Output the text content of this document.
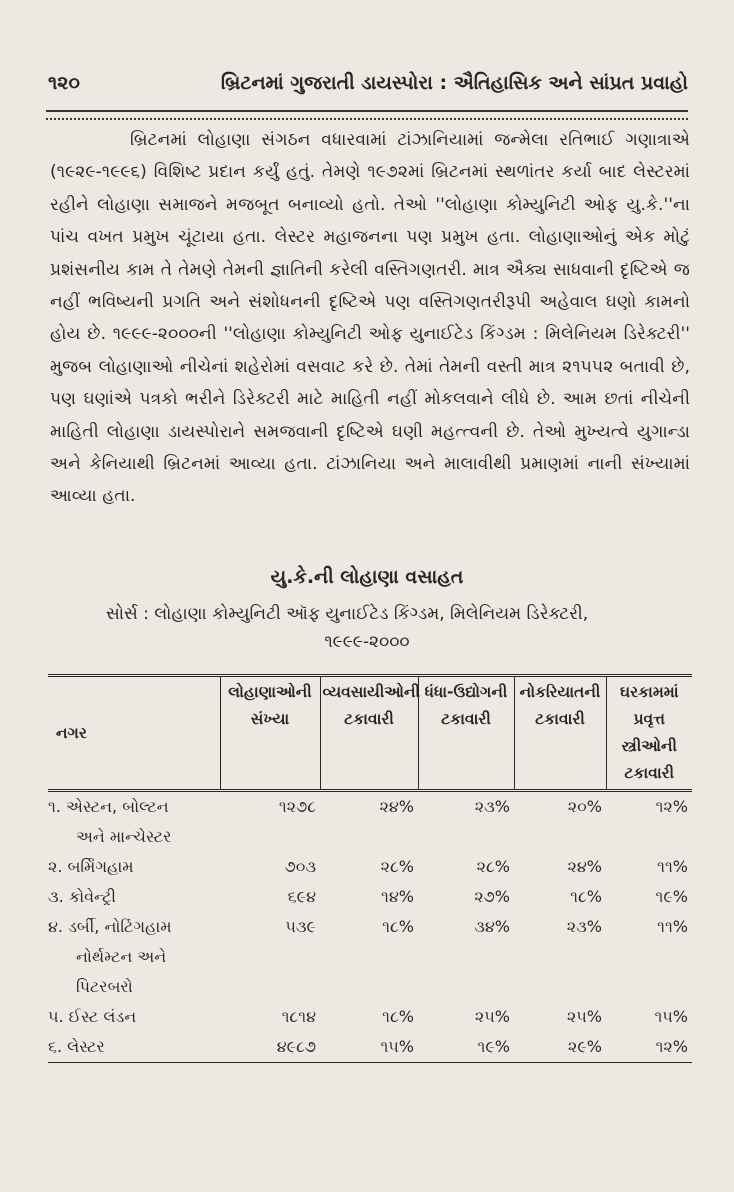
૧૨૦	બ્રિટનમાં ગુજરાતી ડાયસ્પોરા : ઐતિહાસિક અને સાંપ્રત પ્રવાહો

બ્રિટનમાં લોહાણા સંગઠન વધારવામાં ટાંઝાનિયામાં જન્મેલા રતિભાઈ ગણાત્રાએ (૧૯૨૯-૧૯૯૬) વિશિષ્ટ પ્રદાન કર્યું હતું. તેમણે ૧૯૭૨માં બ્રિટનમાં સ્થળાંતર કર્યા બાદ લેસ્ટરમાં રહીને લોહાણા સમાજને મજબૂત બનાવ્યો હતો. તેઓ ''લોહાણા કોમ્યુનિટી ઓફ યુ.કે.''ના પાંચ વખત પ્રમુખ ચૂંટાયા હતા. લેસ્ટર મહાજનના પણ પ્રમુખ હતા. લોહાણાઓનું એક મોટું પ્રશંસનીય કામ તે તેમણે તેમની જ્ઞાતિની કરેલી વસ્તિગણતરી. માત્ર ઐક્ય સાધવાની દૃષ્ટિએ જ નહીં ભવિષ્યની પ્રગતિ અને સંશોધનની દૃષ્ટિએ પણ વસ્તિગણતરીરૂપી અહેવાલ ઘણો કામનો હોય છે. ૧૯૯૯-૨૦૦૦ની ''લોહાણા કોમ્યુનિટી ઓફ યુનાઈટેડ કિંગ્ડમ : મિલેનિયમ ડિરેક્ટરી'' મુજબ લોહાણાઓ નીચેનાં શહેરોમાં વસવાટ કરે છે. તેમાં તેમની વસ્તી માત્ર ૨૧૫૫૨ બતાવી છે, પણ ઘણાંએ પત્રકો ભરીને ડિરેક્ટરી માટે માહિતી નહીં મોકલવાને લીધે છે. આમ છતાં નીચેની માહિતી લોહાણા ડાયસ્પોરાને સમજવાની દૃષ્ટિએ ઘણી મહત્ત્વની છે. તેઓ મુખ્યત્વે યુગાન્ડા અને કેનિયાથી બ્રિટનમાં આવ્યા હતા. ટાંઝાનિયા અને માલાવીથી પ્રમાણમાં નાની સંખ્યામાં આવ્યા હતા.

યુ.કે.ની લોહાણા વસાહત
સોર્સ : લોહાણા કોમ્યુનિટી ઑફ યુનાઈટેડ કિંગ્ડમ, મિલેનિયમ ડિરેક્ટરી,
૧૯૯૯-૨૦૦૦
નગર	લોહાણાઓની સંખ્યા	વ્યવસાયીઓની ટકાવારી	ધંધા-ઉદ્યોગની ટકાવારી	નોકરિયાતની ટકાવારી	ઘરકામમાં પ્રવૃત્ત સ્ત્રીઓની ટકાવારી
૧. એસ્ટન, બોલ્ટન
અને માન્ચેસ્ટર	૧૨૭૮	૨૪%	૨૩%	૨૦%	૧૨%
૨. બર્મિંગહામ	૭૦૩	૨૮%	૨૮%	૨૪%	૧૧%
૩. કોવેન્ટ્રી	૬૯૪	૧૪%	૨૭%	૧૮%	૧૯%
૪. ડર્બી, નોટિંગહામ
નોર્થમ્ટન અને પિટરબરો	૫૩૯	૧૮%	૩૪%	૨૩%	૧૧%
૫. ઈસ્ટ લંડન	૧૮૧૪	૧૮%	૨૫%	૨૫%	૧૫%
૬. લેસ્ટર	૪૯૮૭	૧૫%	૧૯%	૨૯%	૧૨%
